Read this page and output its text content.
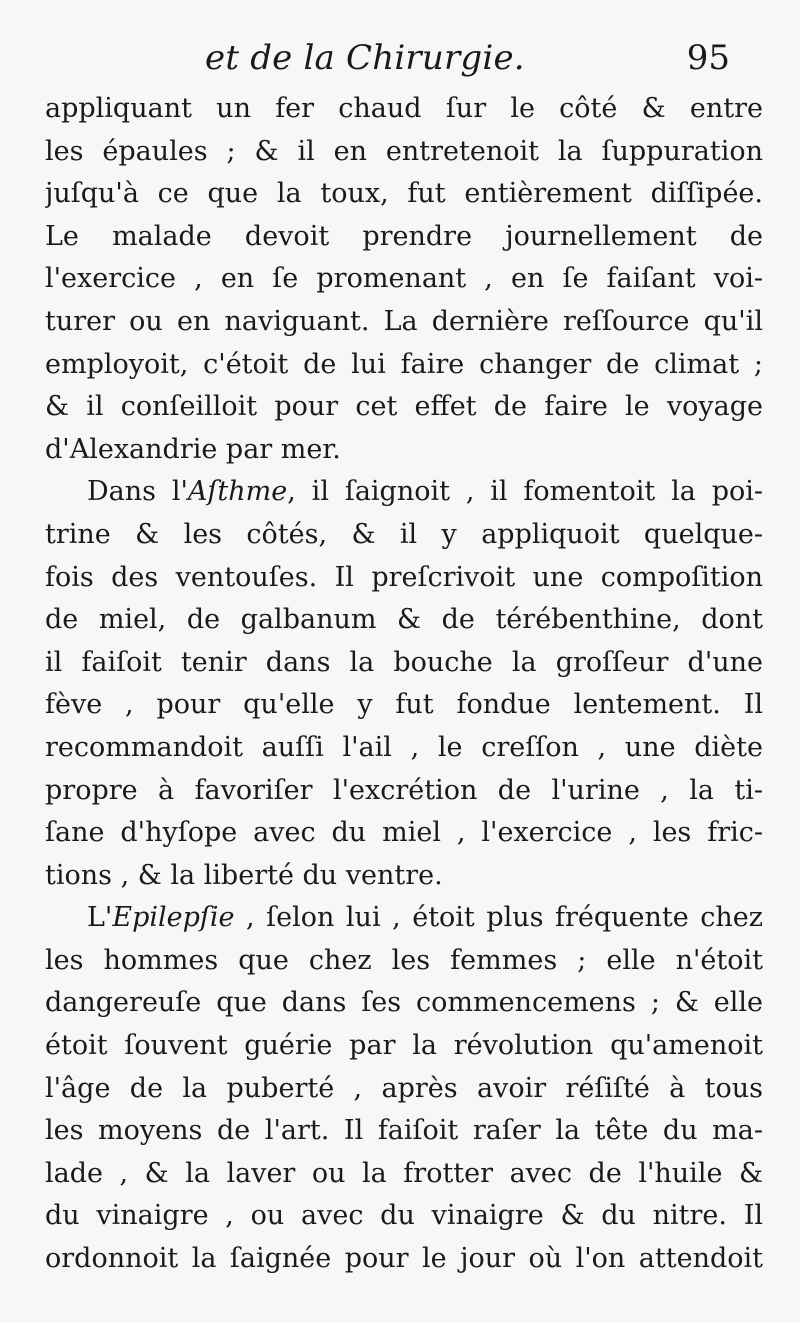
et de la Chirurgie.	95
appliquant un fer chaud ſur le côté & entre
les épaules ; & il en entretenoit la ſuppuration
juſqu'à ce que la toux, fut entièrement diſſipée.
Le malade devoit prendre journellement de
l'exercice , en ſe promenant , en ſe faiſant voi-
turer ou en naviguant. La dernière reſſource qu'il
employoit, c'étoit de lui faire changer de climat ;
& il conſeilloit pour cet effet de faire le voyage
d'Alexandrie par mer.
Dans l'Aſthme, il ſaignoit , il fomentoit la poi-
trine & les côtés, & il y appliquoit quelque-
fois des ventouſes. Il preſcrivoit une compoſition
de miel, de galbanum & de térébenthine, dont
il faiſoit tenir dans la bouche la groſſeur d'une
fève , pour qu'elle y fut fondue lentement. Il
recommandoit auſſi l'ail , le creſſon , une diète
propre à favoriſer l'excrétion de l'urine , la ti-
ſane d'hyſope avec du miel , l'exercice , les fric-
tions , & la liberté du ventre.
L'Epilepſie , ſelon lui , étoit plus fréquente chez
les hommes que chez les femmes ; elle n'étoit
dangereuſe que dans ſes commencemens ; & elle
étoit ſouvent guérie par la révolution qu'amenoit
l'âge de la puberté , après avoir réſiſté à tous
les moyens de l'art. Il faiſoit raſer la tête du ma-
lade , & la laver ou la frotter avec de l'huile &
du vinaigre , ou avec du vinaigre & du nitre. Il
ordonnoit la ſaignée pour le jour où l'on attendoit
